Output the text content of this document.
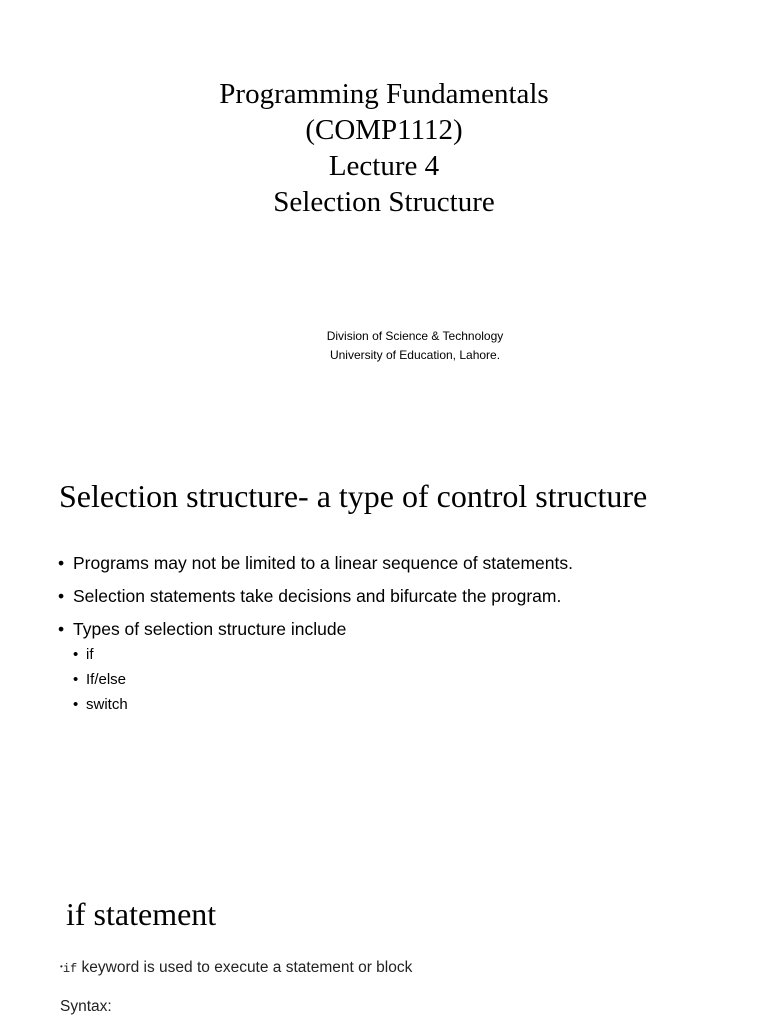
Programming Fundamentals
(COMP1112)
Lecture 4
Selection Structure
Division of Science & Technology
University of Education, Lahore.
Selection structure- a type of control structure
• Programs may not be limited to a linear sequence of statements.
• Selection statements take decisions and bifurcate the program.
• Types of selection structure include
• if
• If/else
• switch
if statement
•if keyword is used to execute a statement or block
Syntax:
